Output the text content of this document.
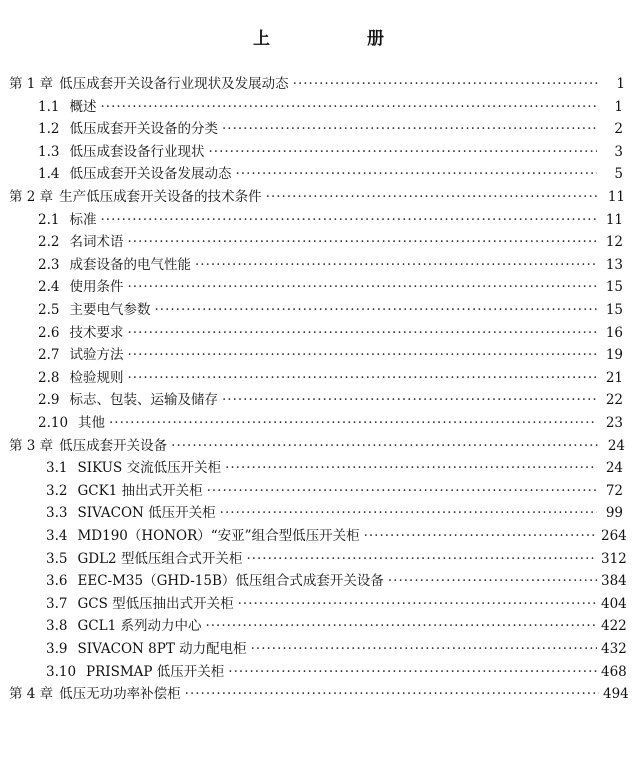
上　册
第 1 章 低压成套开关设备行业现状及发展动态 ·····	1
1.1 概述 ·····	1
1.2 低压成套开关设备的分类 ·····	2
1.3 低压成套设备行业现状 ·····	3
1.4 低压成套开关设备发展动态 ·····	5
第 2 章 生产低压成套开关设备的技术条件 ·····	11
2.1 标准 ·····	11
2.2 名词术语 ·····	12
2.3 成套设备的电气性能 ·····	13
2.4 使用条件 ·····	15
2.5 主要电气参数 ·····	15
2.6 技术要求 ·····	16
2.7 试验方法 ·····	19
2.8 检验规则 ·····	21
2.9 标志、包装、运输及储存 ·····	22
2.10 其他 ·····	23
第 3 章 低压成套开关设备 ·····	24
3.1 SIKUS 交流低压开关柜 ·····	24
3.2 GCK1 抽出式开关柜 ·····	72
3.3 SIVACON 低压开关柜 ·····	99
3.4 MD190（HONOR）“安亚”组合型低压开关柜 ·····	264
3.5 GDL2 型低压组合式开关柜 ·····	312
3.6 EEC-M35（GHD-15B）低压组合式成套开关设备 ·····	384
3.7 GCS 型低压抽出式开关柜 ·····	404
3.8 GCL1 系列动力中心 ·····	422
3.9 SIVACON 8PT 动力配电柜 ·····	432
3.10 PRISMAP 低压开关柜 ·····	468
第 4 章 低压无功功率补偿柜 ·····	494
